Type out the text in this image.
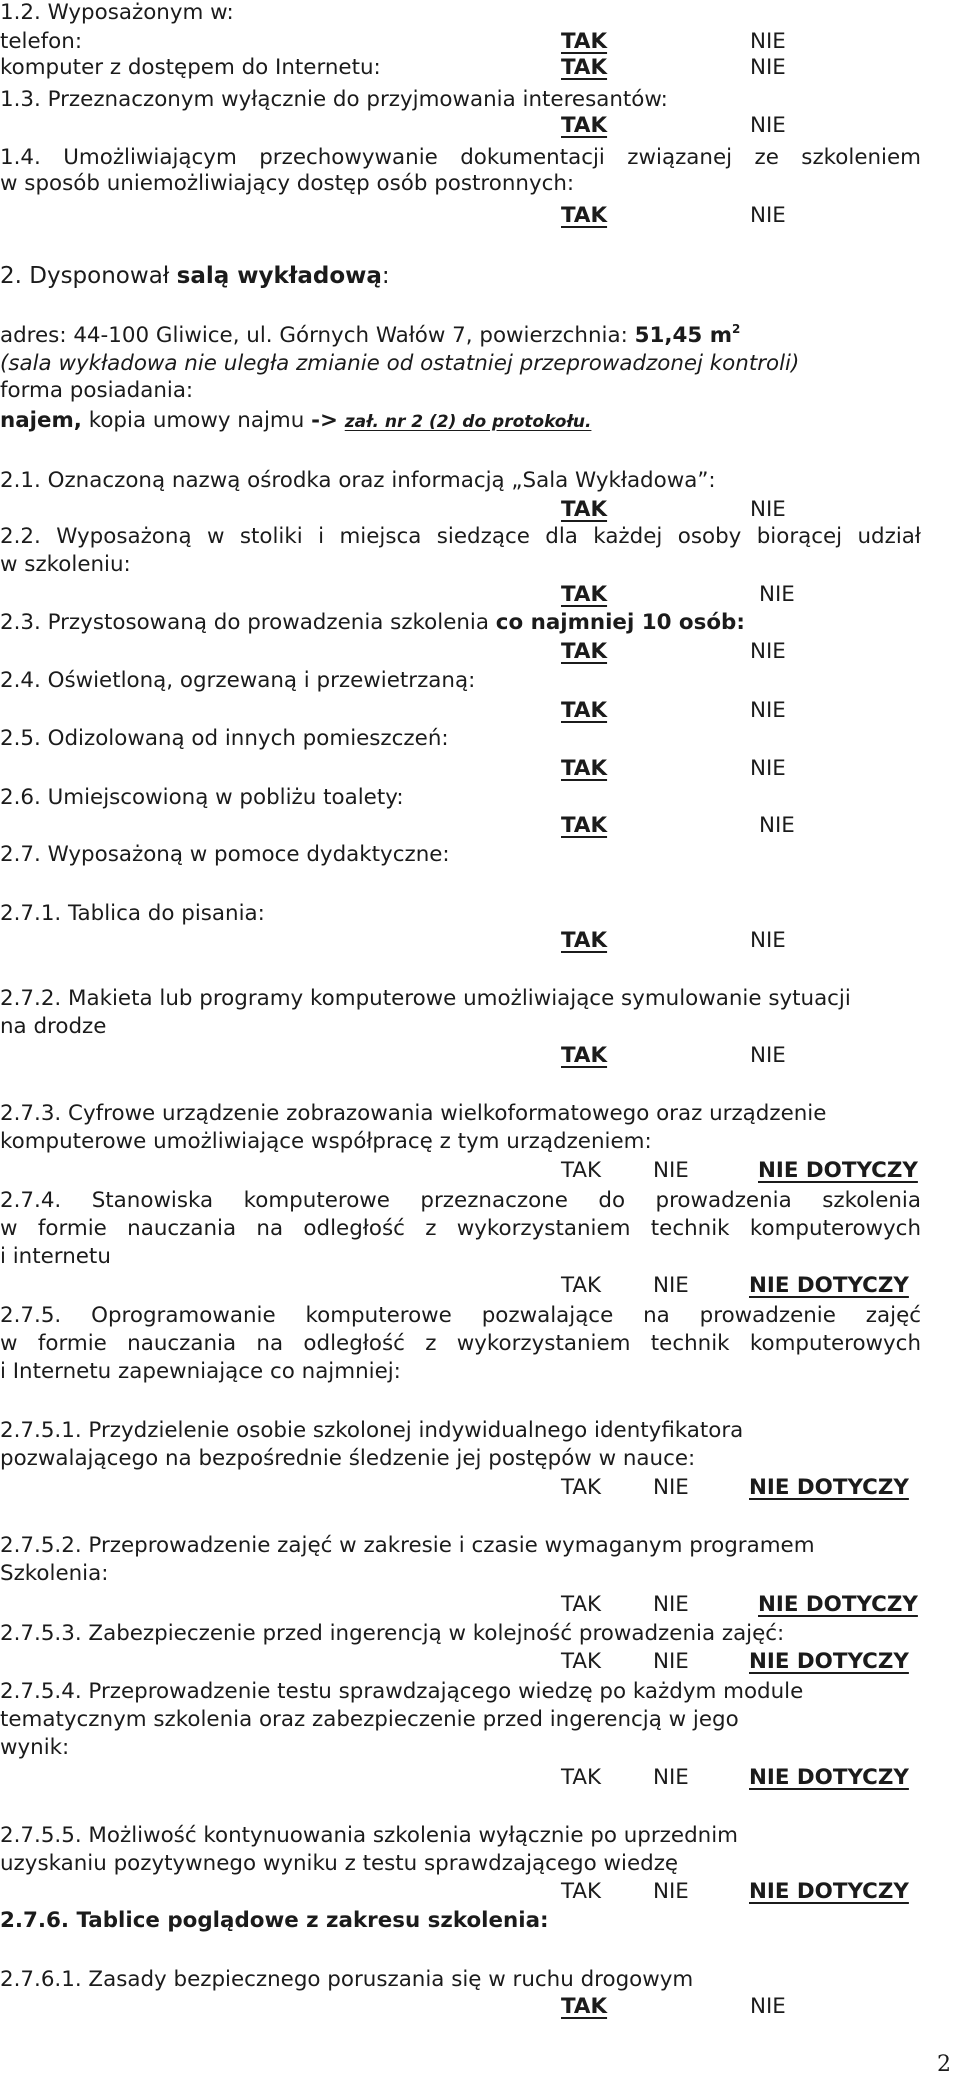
1.2. Wyposażonym w:
telefon:	TAK	NIE
komputer z dostępem do Internetu:	TAK	NIE
1.3. Przeznaczonym wyłącznie do przyjmowania interesantów:
TAK	NIE
1.4. Umożliwiającym przechowywanie dokumentacji związanej ze szkoleniem
w sposób uniemożliwiający dostęp osób postronnych:
TAK	NIE
2. Dysponował salą wykładową:
adres: 44-100 Gliwice, ul. Górnych Wałów 7, powierzchnia: 51,45 $m^2$
(sala wykładowa nie uległa zmianie od ostatniej przeprowadzonej kontroli)
forma posiadania:
najem, kopia umowy najmu -> zał. nr 2 (2) do protokołu.
2.1. Oznaczoną nazwą ośrodka oraz informacją „Sala Wykładowa”:
TAK	NIE
2.2. Wyposażoną w stoliki i miejsca siedzące dla każdej osoby biorącej udział
w szkoleniu:
TAK	NIE
2.3. Przystosowaną do prowadzenia szkolenia co najmniej 10 osób:
TAK	NIE
2.4. Oświetloną, ogrzewaną i przewietrzaną:
TAK	NIE
2.5. Odizolowaną od innych pomieszczeń:
TAK	NIE
2.6. Umiejscowioną w pobliżu toalety:
TAK	NIE
2.7. Wyposażoną w pomoce dydaktyczne:
2.7.1. Tablica do pisania:
TAK	NIE
2.7.2. Makieta lub programy komputerowe umożliwiające symulowanie sytuacji
na drodze
TAK	NIE
2.7.3. Cyfrowe urządzenie zobrazowania wielkoformatowego oraz urządzenie
komputerowe umożliwiające współpracę z tym urządzeniem:
TAK NIE	NIE DOTYCZY
2.7.4. Stanowiska komputerowe przeznaczone do prowadzenia szkolenia
w formie nauczania na odległość z wykorzystaniem technik komputerowych
i internetu
TAK NIE	NIE DOTYCZY
2.7.5. Oprogramowanie komputerowe pozwalające na prowadzenie zajęć
w formie nauczania na odległość z wykorzystaniem technik komputerowych
i Internetu zapewniające co najmniej:
2.7.5.1. Przydzielenie osobie szkolonej indywidualnego identyfikatora
pozwalającego na bezpośrednie śledzenie jej postępów w nauce:
TAK NIE	NIE DOTYCZY
2.7.5.2. Przeprowadzenie zajęć w zakresie i czasie wymaganym programem
Szkolenia:
TAK NIE	NIE DOTYCZY
2.7.5.3. Zabezpieczenie przed ingerencją w kolejność prowadzenia zajęć:
TAK NIE	NIE DOTYCZY
2.7.5.4. Przeprowadzenie testu sprawdzającego wiedzę po każdym module
tematycznym szkolenia oraz zabezpieczenie przed ingerencją w jego
wynik:
TAK NIE	NIE DOTYCZY
2.7.5.5. Możliwość kontynuowania szkolenia wyłącznie po uprzednim
uzyskaniu pozytywnego wyniku z testu sprawdzającego wiedzę
TAK NIE	NIE DOTYCZY
2.7.6. Tablice poglądowe z zakresu szkolenia:
2.7.6.1. Zasady bezpiecznego poruszania się w ruchu drogowym
TAK	NIE
2
